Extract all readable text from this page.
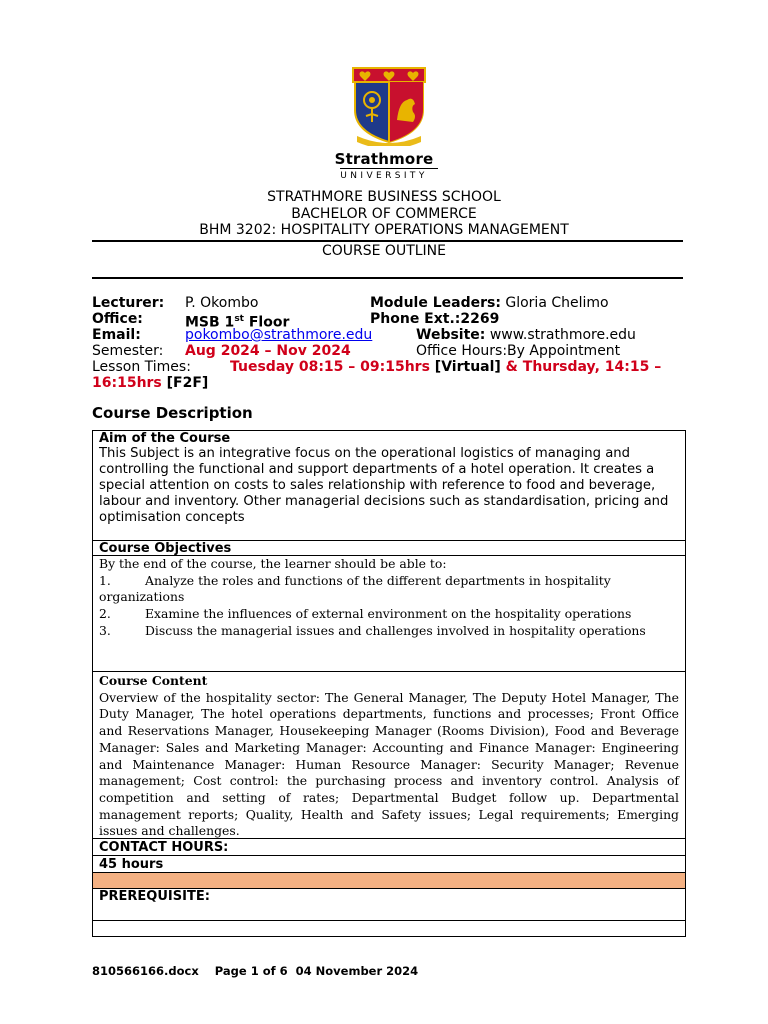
Strathmore
UNIVERSITY
STRATHMORE BUSINESS SCHOOL
BACHELOR OF COMMERCE
BHM 3202: HOSPITALITY OPERATIONS MANAGEMENT
COURSE OUTLINE
Lecturer: P. Okombo	Module Leaders: Gloria Chelimo
Office:	MSB 1st Floor	Phone Ext.:2269
Email:	pokombo@strathmore.edu	Website: www.strathmore.edu
Semester: Aug 2024 – Nov 2024	Office Hours:By Appointment
Lesson Times:	Tuesday 08:15 – 09:15hrs [Virtual] & Thursday, 14:15 –
16:15hrs [F2F]
Course Description
Aim of the Course
This Subject is an integrative focus on the operational logistics of managing and controlling the functional and support departments of a hotel operation. It creates a special attention on costs to sales relationship with reference to food and beverage, labour and inventory. Other managerial decisions such as standardisation, pricing and optimisation concepts
Course Objectives
By the end of the course, the learner should be able to:
1.	Analyze the roles and functions of the different departments in hospitality
organizations
2.	Examine the influences of external environment on the hospitality operations
3.	Discuss the managerial issues and challenges involved in hospitality operations
Course Content
Overview of the hospitality sector: The General Manager, The Deputy Hotel Manager, The Duty Manager, The hotel operations departments, functions and processes; Front Office and Reservations Manager, Housekeeping Manager (Rooms Division), Food and Beverage Manager: Sales and Marketing Manager: Accounting and Finance Manager: Engineering and Maintenance Manager: Human Resource Manager: Security Manager; Revenue management; Cost control: the purchasing process and inventory control. Analysis of competition and setting of rates; Departmental Budget follow up. Departmental management reports; Quality, Health and Safety issues; Legal requirements; Emerging issues and challenges.
CONTACT HOURS:
45 hours
PREREQUISITE:
810566166.docx Page 1 of 6 04 November 2024
